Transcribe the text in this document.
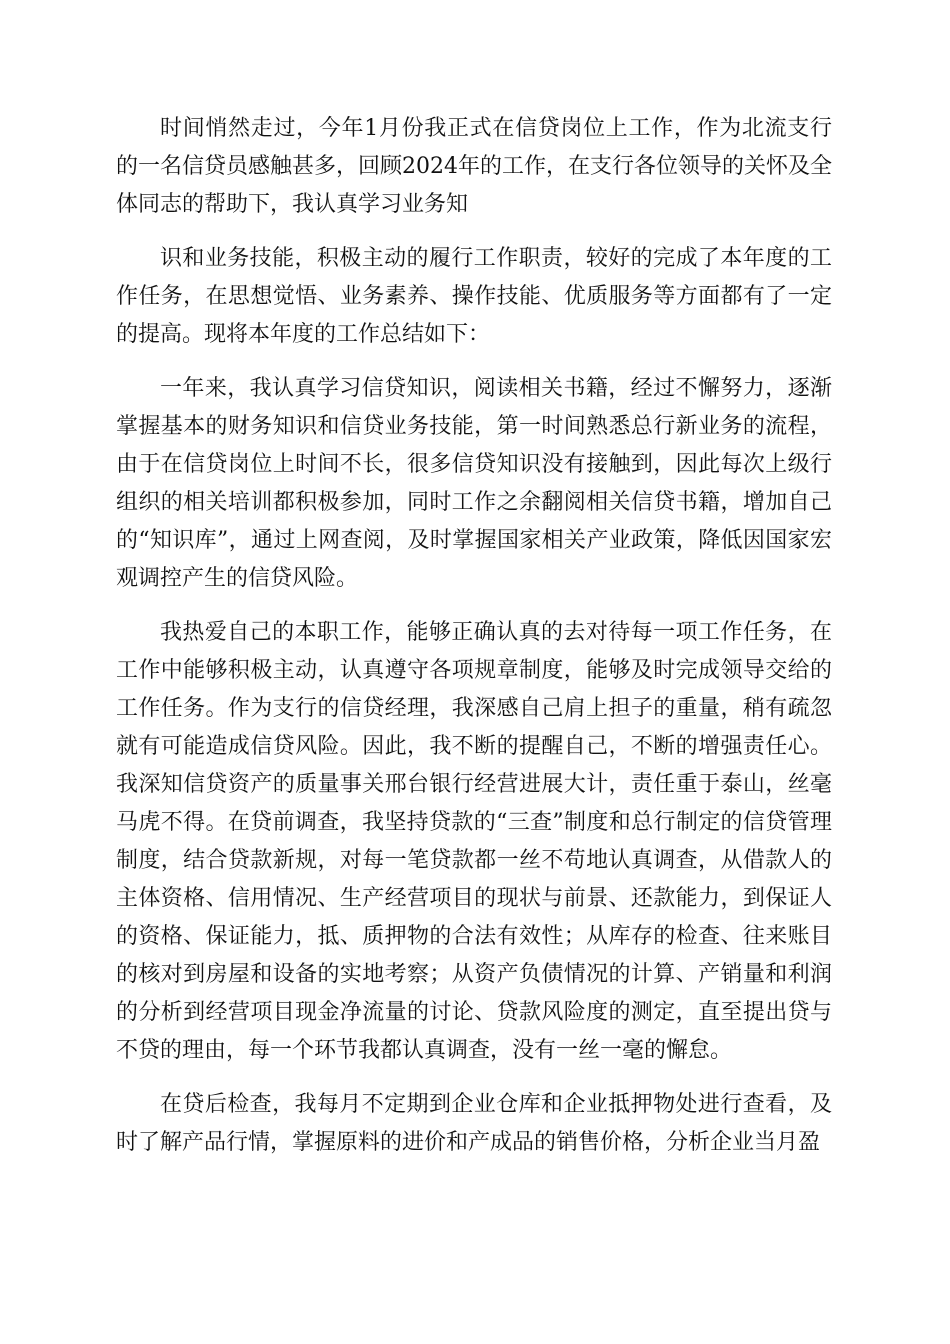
时间悄然走过，今年1月份我正式在信贷岗位上工作，作为北流支行的一名信贷员感触甚多，回顾2024年的工作，在支行各位领导的关怀及全体同志的帮助下，我认真学习业务知

识和业务技能，积极主动的履行工作职责，较好的完成了本年度的工作任务，在思想觉悟、业务素养、操作技能、优质服务等方面都有了一定的提高。现将本年度的工作总结如下：

一年来，我认真学习信贷知识，阅读相关书籍，经过不懈努力，逐渐掌握基本的财务知识和信贷业务技能，第一时间熟悉总行新业务的流程，由于在信贷岗位上时间不长，很多信贷知识没有接触到，因此每次上级行组织的相关培训都积极参加，同时工作之余翻阅相关信贷书籍，增加自己的“知识库”，通过上网查阅，及时掌握国家相关产业政策，降低因国家宏观调控产生的信贷风险。

我热爱自己的本职工作，能够正确认真的去对待每一项工作任务，在工作中能够积极主动，认真遵守各项规章制度，能够及时完成领导交给的工作任务。作为支行的信贷经理，我深感自己肩上担子的重量，稍有疏忽就有可能造成信贷风险。因此，我不断的提醒自己，不断的增强责任心。我深知信贷资产的质量事关邢台银行经营进展大计，责任重于泰山，丝毫马虎不得。在贷前调查，我坚持贷款的“三查”制度和总行制定的信贷管理制度，结合贷款新规，对每一笔贷款都一丝不苟地认真调查，从借款人的主体资格、信用情况、生产经营项目的现状与前景、还款能力，到保证人的资格、保证能力，抵、质押物的合法有效性；从库存的检查、往来账目的核对到房屋和设备的实地考察；从资产负债情况的计算、产销量和利润的分析到经营项目现金净流量的讨论、贷款风险度的测定，直至提出贷与不贷的理由，每一个环节我都认真调查，没有一丝一毫的懈怠。

在贷后检查，我每月不定期到企业仓库和企业抵押物处进行查看，及时了解产品行情，掌握原料的进价和产成品的销售价格，分析企业当月盈
